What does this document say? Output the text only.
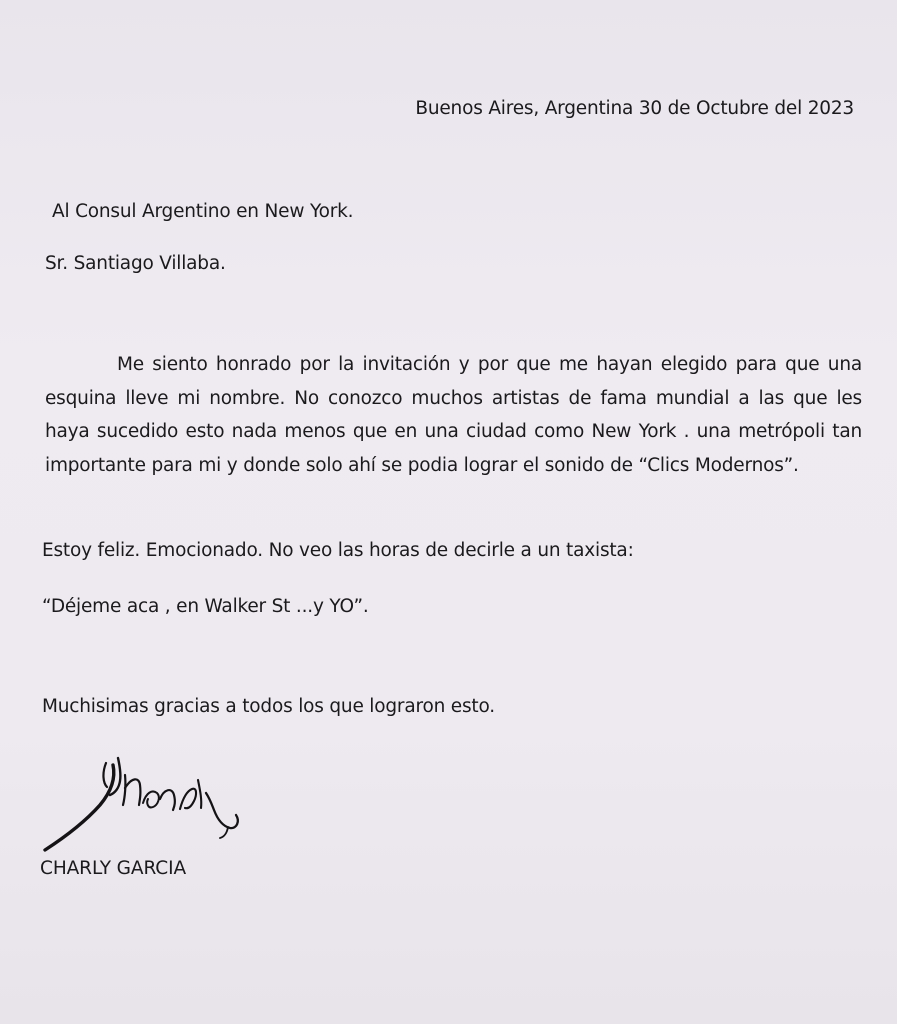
Buenos Aires, Argentina 30 de Octubre del 2023
Al Consul Argentino en New York.
Sr. Santiago Villaba.
Me siento honrado por la invitación y por que me hayan elegido para que una esquina lleve mi nombre. No conozco muchos artistas de fama mundial a las que les haya sucedido esto nada menos que en una ciudad como New York . una metrópoli tan importante para mi y donde solo ahí se podia lograr el sonido de “Clics Modernos”.
Estoy feliz. Emocionado. No veo las horas de decirle a un taxista:
“Déjeme aca , en Walker St ...y YO”.
Muchisimas gracias a todos los que lograron esto.
CHARLY GARCIA
